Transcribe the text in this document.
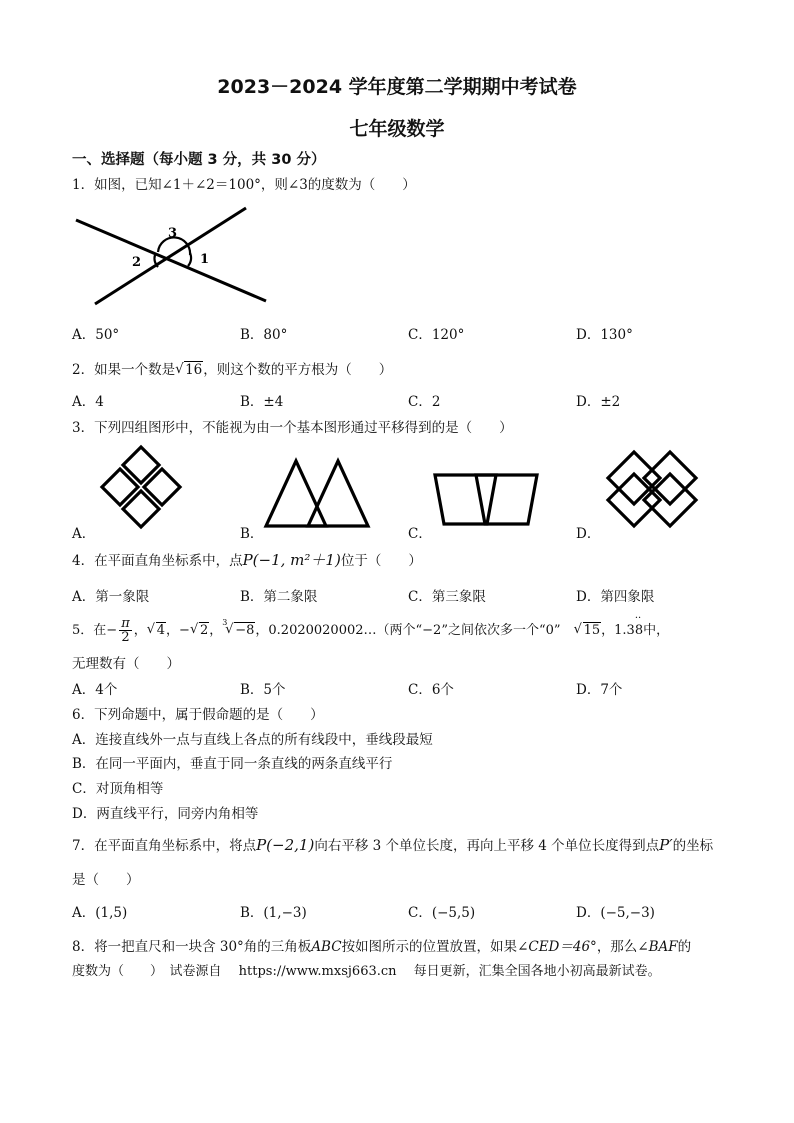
2023－2024 学年度第二学期期中考试卷
七年级数学
一、选择题（每小题 3 分，共 30 分）
1．如图，已知∠1＋∠2＝100°，则∠3的度数为（　　）
3
2	1
A．50°	B．80°	C．120°	D．130°
2．如果一个数是 √ 16，则这个数的平方根为（　　）
A．4	B．±4	C．2	D．±2
3．下列四组图形中，不能视为由一个基本图形通过平移得到的是（　　）
A．	B．	C．	D．
4．在平面直角坐标系中，点P(−1, m²＋1)位于（　　）
A．第一象限	B．第二象限	C．第三象限	D．第四象限
5．在− $\frac{\pi}{2}$ ， √ 4，− √ 2，
3
√ −8，0.2020020002…（两个“−2”之间依次多一个“0”　 √ 15，1.3
··
8中，
无理数有（　　）
A．4个	B．5个	C．6个	D．7个
6．下列命题中，属于假命题的是（　　）
A．连接直线外一点与直线上各点的所有线段中，垂线段最短
B．在同一平面内，垂直于同一条直线的两条直线平行
C．对顶角相等
D．两直线平行，同旁内角相等
7．在平面直角坐标系中，将点P(−2,1)向右平移 3 个单位长度，再向上平移 4 个单位长度得到点P′的坐标
是（　　）
A．(1,5)	B．(1,−3)	C．(−5,5)	D．(−5,−3)
8．将一把直尺和一块含 30°角的三角板ABC按如图所示的位置放置，如果∠CED＝46°，那么∠BAF的
度数为（　　）　试卷源自　 https://www.mxsj663.cn　 每日更新，汇集全国各地小初高最新试卷。
